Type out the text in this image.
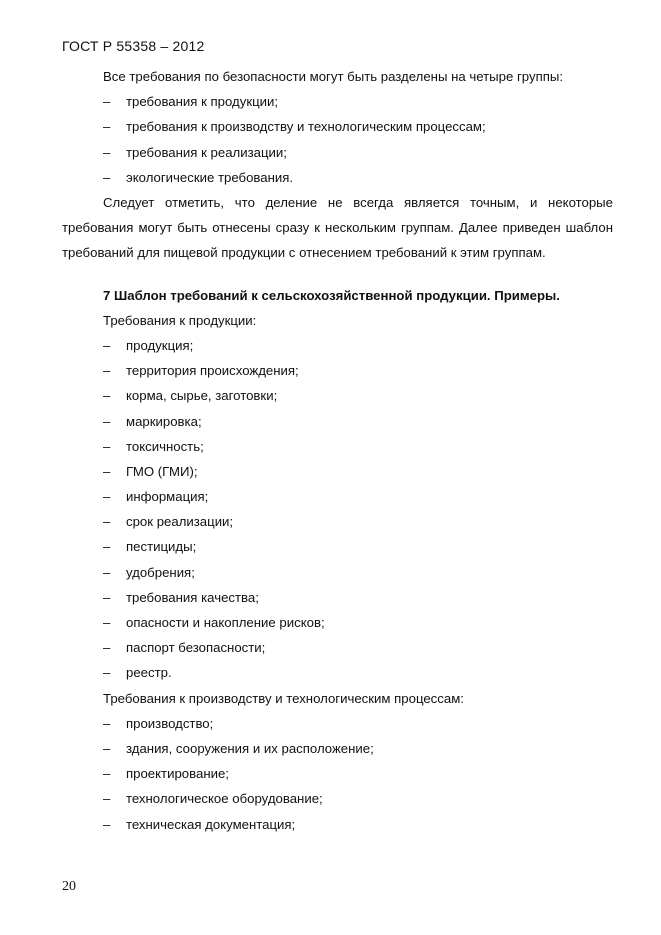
ГОСТ Р 55358 – 2012

Все требования по безопасности могут быть разделены на четыре группы:

– требования к продукции;
– требования к производству и технологическим процессам;
– требования к реализации;
– экологические требования.

Следует отметить, что деление не всегда является точным, и некоторые требования могут быть отнесены сразу к нескольким группам. Далее приведен шаблон требований для пищевой продукции с отнесением требований к этим группам.

7 Шаблон требований к сельскохозяйственной продукции. Примеры.

Требования к продукции:

– продукция;
– территория происхождения;
– корма, сырье, заготовки;
– маркировка;
– токсичность;
– ГМО (ГМИ);
– информация;
– срок реализации;
– пестициды;
– удобрения;
– требования качества;
– опасности и накопление рисков;
– паспорт безопасности;
– реестр.

Требования к производству и технологическим процессам:

– производство;
– здания, сооружения и их расположение;
– проектирование;
– технологическое оборудование;
– техническая документация;
20
